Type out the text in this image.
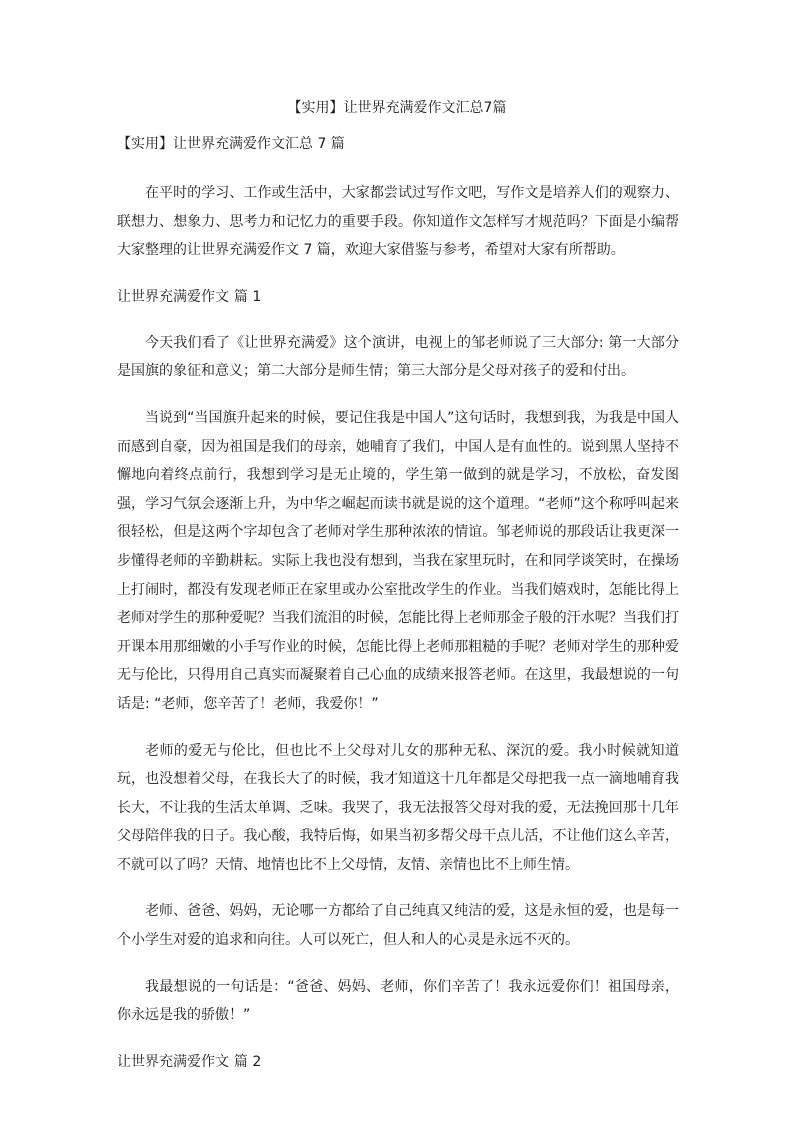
【实用】让世界充满爱作文汇总7篇
【实用】让世界充满爱作文汇总 7 篇

在平时的学习、工作或生活中，大家都尝试过写作文吧，写作文是培养人们的观察力、联想力、想象力、思考力和记忆力的重要手段。你知道作文怎样写才规范吗？下面是小编帮大家整理的让世界充满爱作文 7 篇，欢迎大家借鉴与参考，希望对大家有所帮助。

让世界充满爱作文 篇 1

今天我们看了《让世界充满爱》这个演讲，电视上的邹老师说了三大部分: 第一大部分是国旗的象征和意义；第二大部分是师生情；第三大部分是父母对孩子的爱和付出。

当说到“当国旗升起来的时候，要记住我是中国人”这句话时，我想到我，为我是中国人而感到自豪，因为祖国是我们的母亲，她哺育了我们，中国人是有血性的。说到黑人坚持不懈地向着终点前行，我想到学习是无止境的，学生第一做到的就是学习，不放松，奋发图强，学习气氛会逐渐上升，为中华之崛起而读书就是说的这个道理。“老师”这个称呼叫起来很轻松，但是这两个字却包含了老师对学生那种浓浓的情谊。邹老师说的那段话让我更深一步懂得老师的辛勤耕耘。实际上我也没有想到，当我在家里玩时，在和同学谈笑时，在操场上打闹时，都没有发现老师正在家里或办公室批改学生的作业。当我们嬉戏时，怎能比得上老师对学生的那种爱呢？当我们流泪的时候，怎能比得上老师那金子般的汗水呢？当我们打开课本用那细嫩的小手写作业的时候，怎能比得上老师那粗糙的手呢？老师对学生的那种爱无与伦比，只得用自己真实而凝聚着自己心血的成绩来报答老师。在这里，我最想说的一句话是: “老师，您辛苦了！老师，我爱你！”

老师的爱无与伦比，但也比不上父母对儿女的那种无私、深沉的爱。我小时候就知道玩，也没想着父母，在我长大了的时候，我才知道这十几年都是父母把我一点一滴地哺育我长大，不让我的生活太单调、乏味。我哭了，我无法报答父母对我的爱，无法挽回那十几年父母陪伴我的日子。我心酸，我特后悔，如果当初多帮父母干点儿活，不让他们这么辛苦，不就可以了吗？天情、地情也比不上父母情，友情、亲情也比不上师生情。

老师、爸爸、妈妈，无论哪一方都给了自己纯真又纯洁的爱，这是永恒的爱，也是每一个小学生对爱的追求和向往。人可以死亡，但人和人的心灵是永远不灭的。

我最想说的一句话是：“爸爸、妈妈、老师，你们辛苦了！我永远爱你们！祖国母亲，你永远是我的骄傲！”

让世界充满爱作文 篇 2
